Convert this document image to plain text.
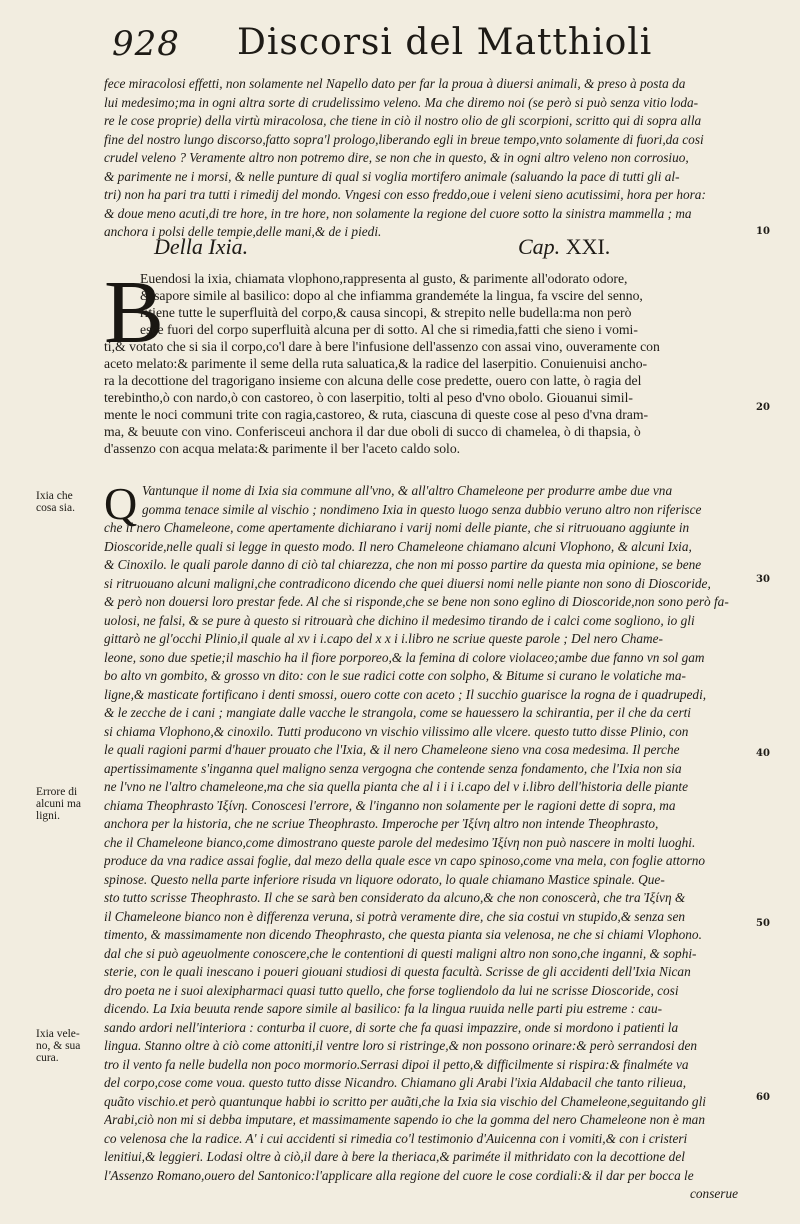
928 Discorsi del Matthioli
fece miracolosi effetti, non solamente nel Napello dato per far la proua à diuersi animali, & preso à posta da
lui medesimo;ma in ogni altra sorte di crudelissimo veleno. Ma che diremo noi (se però si può senza vitio loda-
re le cose proprie) della virtù miracolosa, che tiene in ciò il nostro olio de gli scorpioni, scritto qui di sopra alla
fine del nostro lungo discorso,fatto sopra'l prologo,liberando egli in breue tempo,vnto solamente di fuori,da cosi
crudel veleno ? Veramente altro non potremo dire, se non che in questo, & in ogni altro veleno non corrosiuo,
& parimente ne i morsi, & nelle punture di qual si voglia mortifero animale (saluando la pace di tutti gli al-
tri) non ha pari tra tutti i rimedij del mondo. Vngesi con esso freddo,oue i veleni sieno acutissimi, hora per hora:
& doue meno acuti,di tre hore, in tre hore, non solamente la regione del cuore sotto la sinistra mammella ; ma
anchora i polsi delle tempie,delle mani,& de i piedi.
Della Ixia.	Cap. XXI.
B
Euendosi la ixia, chiamata vlophono,rappresenta al gusto, & parimente all'odorato odore,
& sapore simile al basilico: dopo al che infiamma grandeméte la lingua, fa vscire del senno,
ritiene tutte le superfluità del corpo,& causa sincopi, & strepito nelle budella:ma non però
esce fuori del corpo superfluità alcuna per di sotto. Al che si rimedia,fatti che sieno i vomi-
ti,& votato che si sia il corpo,co'l dare à bere l'infusione dell'assenzo con assai vino, ouveramente con
aceto melato:& parimente il seme della ruta saluatica,& la radice del laserpitio. Conuienuisi ancho-
ra la decottione del tragorigano insieme con alcuna delle cose predette, ouero con latte, ò ragia del
terebintho,ò con nardo,ò con castoreo, ò con laserpitio, tolti al peso d'vno obolo. Giouanui simil-
mente le noci communi trite con ragia,castoreo, & ruta, ciascuna di queste cose al peso d'vna dram-
ma, & beuute con vino. Conferisceui anchora il dar due oboli di succo di chamelea, ò di thapsia, ò
d'assenzo con acqua melata:& parimente il ber l'aceto caldo solo.
Q Vantunque il nome di Ixia sia commune all'vno, & all'altro Chameleone per produrre ambe due vna
gomma tenace simile al vischio ; nondimeno Ixia in questo luogo senza dubbio veruno altro non riferisce
che il nero Chameleone, come apertamente dichiarano i varij nomi delle piante, che si ritruouano aggiunte in
Dioscoride,nelle quali si legge in questo modo. Il nero Chameleone chiamano alcuni Vlophono, & alcuni Ixia,
& Cinoxilo. le quali parole danno di ciò tal chiarezza, che non mi posso partire da questa mia opinione, se bene
si ritruouano alcuni maligni,che contradicono dicendo che quei diuersi nomi nelle piante non sono di Dioscoride,
& però non douersi loro prestar fede. Al che si risponde,che se bene non sono eglino di Dioscoride,non sono però fa-
uolosi, ne falsi, & se pure à questo si ritrouarà che dichino il medesimo tirando de i calci come sogliono, io gli
gittarò ne gl'occhi Plinio,il quale al xv i i.capo del x x i i.libro ne scriue queste parole ; Del nero Chame-
leone, sono due spetie;il maschio ha il fiore porporeo,& la femina di colore violaceo;ambe due fanno vn sol gam
bo alto vn gombito, & grosso vn dito: con le sue radici cotte con solpho, & Bitume si curano le volatiche ma-
ligne,& masticate fortificano i denti smossi, ouero cotte con aceto ; Il succhio guarisce la rogna de i quadrupedi,
& le zecche de i cani ; mangiate dalle vacche le strangola, come se hauessero la schirantia, per il che da certi
si chiama Vlophono,& cinoxilo. Tutti producono vn vischio vilissimo alle vlcere. questo tutto disse Plinio, con
le quali ragioni parmi d'hauer prouato che l'Ixia, & il nero Chameleone sieno vna cosa medesima. Il perche
apertissimamente s'inganna quel maligno senza vergogna che contende senza fondamento, che l'Ixia non sia
ne l'vno ne l'altro chameleone,ma che sia quella pianta che al i i i i.capo del v i.libro dell'historia delle piante
chiama Theophrasto Ἰξίνη. Conoscesi l'errore, & l'inganno non solamente per le ragioni dette di sopra, ma
anchora per la historia, che ne scriue Theophrasto. Imperoche per Ἰξίνη altro non intende Theophrasto,
che il Chameleone bianco,come dimostrano queste parole del medesimo Ἰξίνη non può nascere in molti luoghi.
produce da vna radice assai foglie, dal mezo della quale esce vn capo spinoso,come vna mela, con foglie attorno
spinose. Questo nella parte inferiore risuda vn liquore odorato, lo quale chiamano Mastice spinale. Que-
sto tutto scrisse Theophrasto. Il che se sarà ben considerato da alcuno,& che non conoscerà, che tra Ἰξίνη &
il Chameleone bianco non è differenza veruna, si potrà veramente dire, che sia costui vn stupido,& senza sen
timento, & massimamente non dicendo Theophrasto, che questa pianta sia velenosa, ne che si chiami Vlophono.
dal che si può ageuolmente conoscere,che le contentioni di questi maligni altro non sono,che inganni, & sophi-
sterie, con le quali inescano i poueri giouani studiosi di questa facultà. Scrisse de gli accidenti dell'Ixia Nican
dro poeta ne i suoi alexipharmaci quasi tutto quello, che forse togliendolo da lui ne scrisse Dioscoride, cosi
dicendo. La Ixia beuuta rende sapore simile al basilico: fa la lingua ruuida nelle parti piu estreme : cau-
sando ardori nell'interiora : conturba il cuore, di sorte che fa quasi impazzire, onde si mordono i patienti la
lingua. Stanno oltre à ciò come attoniti,il ventre loro si ristringe,& non possono orinare:& però serrandosi den
tro il vento fa nelle budella non poco mormorio.Serrasi dipoi il petto,& difficilmente si rispira:& finalméte va
del corpo,cose come voua. questo tutto disse Nicandro. Chiamano gli Arabi l'ixia Aldabacil che tanto rilieua,
quãto vischio.et però quantunque habbi io scritto per auãti,che la Ixia sia vischio del Chameleone,seguitando gli
Arabi,ciò non mi si debba imputare, et massimamente sapendo io che la gomma del nero Chameleone non è man
co velenosa che la radice. A' i cui accidenti si rimedia co'l testimonio d'Auicenna con i vomiti,& con i cristeri
lenitiui,& leggieri. Lodasi oltre à ciò,il dare à bere la theriaca,& pariméte il mithridato con la decottione del
l'Assenzo Romano,ouero del Santonico:l'applicare alla regione del cuore le cose cordiali:& il dar per bocca le
conserue
10
20
30
40
50
60
Ixia che
cosa sia.
Errore di
alcuni ma
ligni.
Ixia vele-
no, & sua
cura.
